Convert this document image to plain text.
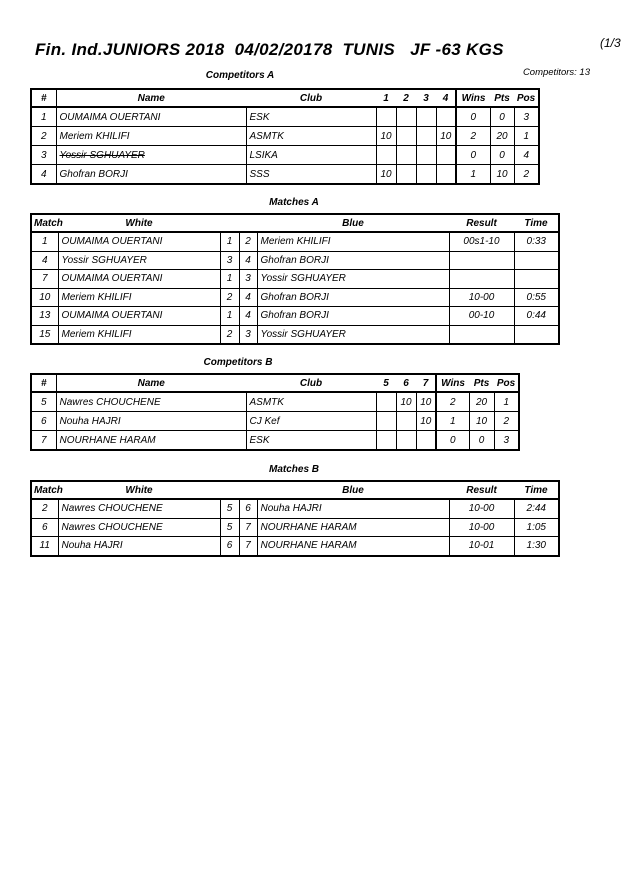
Fin. Ind.JUNIORS 2018  04/02/20178  TUNIS   JF -63 KGS	(1/3
Competitors: 13
Competitors A
#	Name	Club	1	2	3	4	Wins	Pts	Pos
1	OUMAIMA OUERTANI	ESK					0	0	3
2	Meriem KHILIFI	ASMTK	10			10	2	20	1
3	Yossir SGHUAYER	LSIKA					0	0	4
4	Ghofran BORJI	SSS	10				1	10	2
Matches A
Match	White			Blue	Result	Time
1	OUMAIMA OUERTANI	1	2	Meriem KHILIFI	00s1-10	0:33
4	Yossir SGHUAYER	3	4	Ghofran BORJI		
7	OUMAIMA OUERTANI	1	3	Yossir SGHUAYER		
10	Meriem KHILIFI	2	4	Ghofran BORJI	10-00	0:55
13	OUMAIMA OUERTANI	1	4	Ghofran BORJI	00-10	0:44
15	Meriem KHILIFI	2	3	Yossir SGHUAYER		
Competitors B
#	Name	Club	5	6	7	Wins	Pts	Pos
5	Nawres CHOUCHENE	ASMTK		10	10	2	20	1
6	Nouha HAJRI	CJ Kef			10	1	10	2
7	NOURHANE HARAM	ESK				0	0	3
Matches B
Match	White			Blue	Result	Time
2	Nawres CHOUCHENE	5	6	Nouha HAJRI	10-00	2:44
6	Nawres CHOUCHENE	5	7	NOURHANE HARAM	10-00	1:05
11	Nouha HAJRI	6	7	NOURHANE HARAM	10-01	1:30
